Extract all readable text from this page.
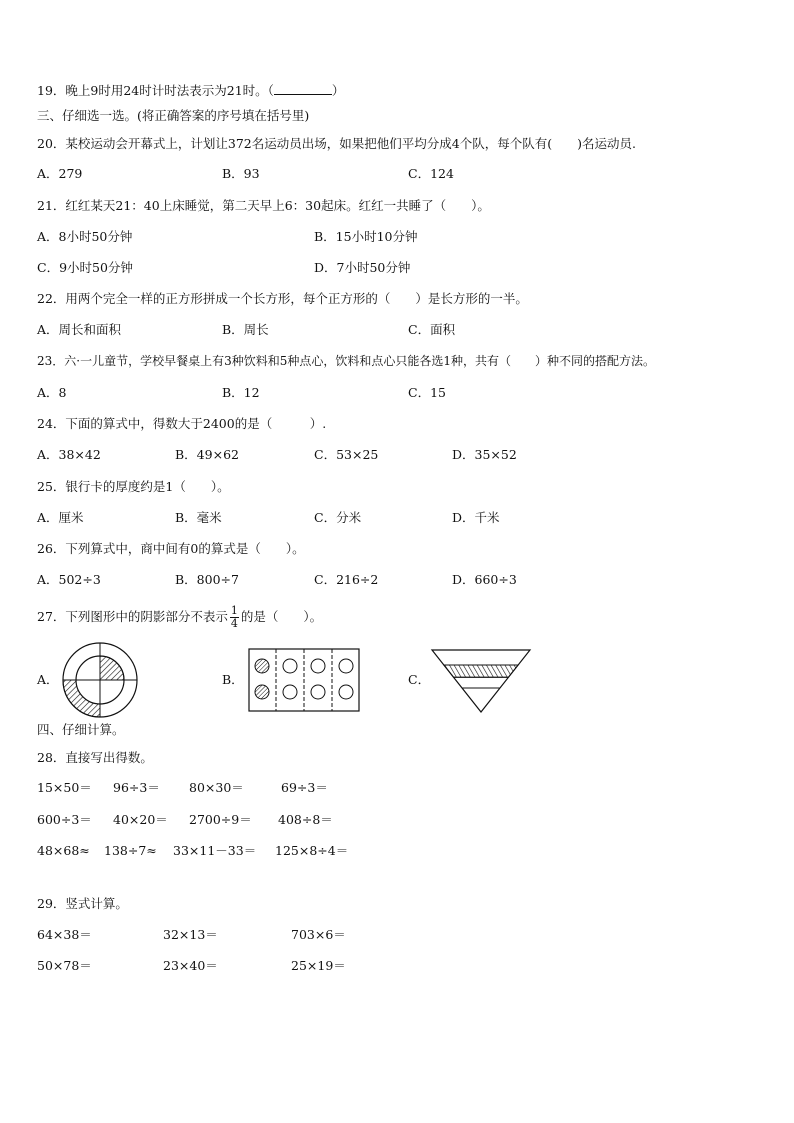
19．晚上9时用24时计时法表示为21时。（	）
三、仔细选一选。(将正确答案的序号填在括号里)
20．某校运动会开幕式上，计划让372名运动员出场，如果把他们平均分成4个队，每个队有(　　)名运动员.
A．279	B．93	C．124
21．红红某天21：40上床睡觉，第二天早上6：30起床。红红一共睡了（　　）。
A．8小时50分钟	B．15小时10分钟
C．9小时50分钟	D．7小时50分钟
22．用两个完全一样的正方形拼成一个长方形，每个正方形的（　　）是长方形的一半。
A．周长和面积	B．周长	C．面积
23．六·一儿童节，学校早餐桌上有3种饮料和5种点心，饮料和点心只能各选1种，共有（　　）种不同的搭配方法。
A．8	B．12	C．15
24．下面的算式中，得数大于2400的是（　　　）.
A．38×42	B．49×62	C．53×25	D．35×52
25．银行卡的厚度约是1（　　）。
A．厘米	B．毫米	C．分米	D．千米
26．下列算式中，商中间有0的算式是（　　）。
A．502÷3	B．800÷7	C．216÷2	D．660÷3
27．下列图形中的阴影部分不表示 $\frac{1}{4}$ 的是（　　）。
A．	B．	C．
四、仔细计算。
28．直接写出得数。
15×50＝ 96÷3＝ 80×30＝	69÷3＝
600÷3＝ 40×20＝ 2700÷9＝ 408÷8＝
48×68≈ 138÷7≈ 33×11－33＝ 125×8÷4＝
29．竖式计算。
64×38＝	32×13＝	703×6＝
50×78＝	23×40＝	25×19＝
